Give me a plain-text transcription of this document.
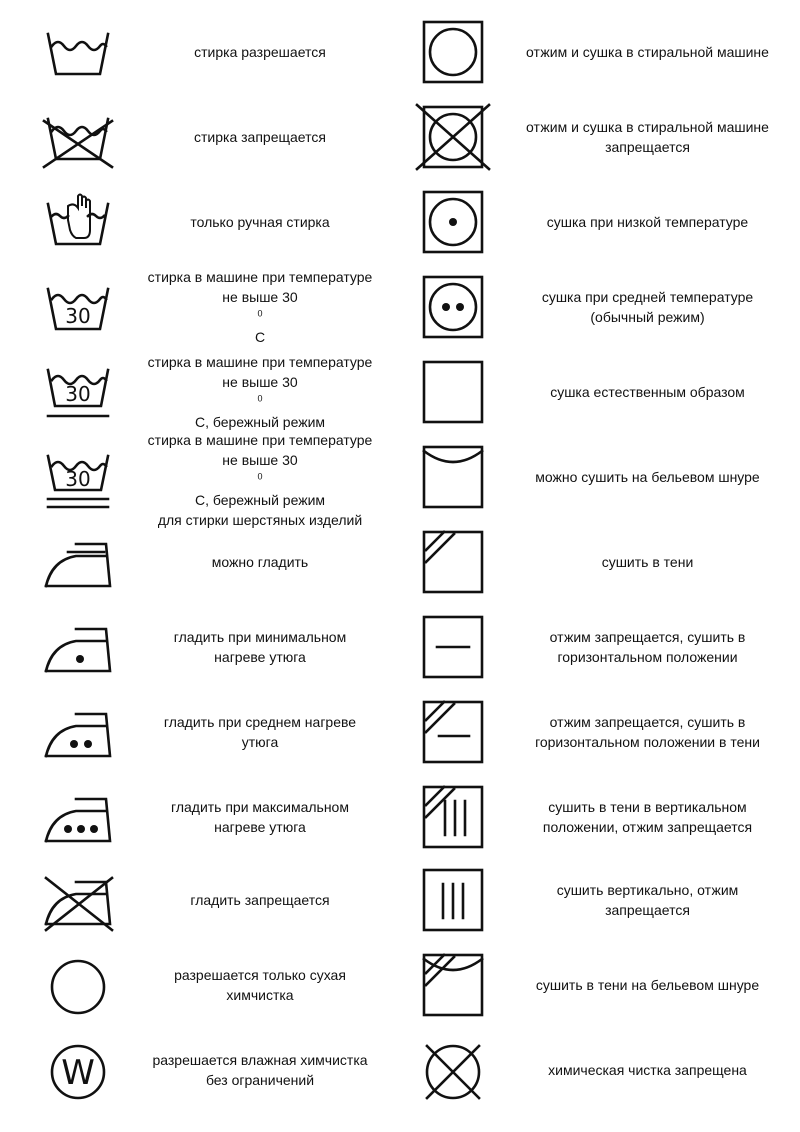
стирка разрешается
стирка запрещается
только ручная стирка
30
стирка в машине при температуре
не выше 30
$^0$
С
30
стирка в машине при температуре
не выше 30
$^0$
С, бережный режим
30
стирка в машине при температуре
не выше 30
$^0$
С, бережный режим
для стирки шерстяных изделий
можно гладить
гладить при минимальном
нагреве утюга
гладить при среднем нагреве
утюга
гладить при максимальном
нагреве утюга
гладить запрещается
разрешается только сухая
химчистка
W	разрешается влажная химчистка
без ограничений
отжим и сушка в стиральной машине
отжим и сушка в стиральной машине
запрещается
сушка при низкой температуре
сушка при средней температуре
(обычный режим)
сушка естественным образом
можно сушить на бельевом шнуре
сушить в тени
отжим запрещается, сушить в
горизонтальном положении
отжим запрещается, сушить в
горизонтальном положении в тени
сушить в тени в вертикальном
положении, отжим запрещается
сушить вертикально, отжим
запрещается
сушить в тени на бельевом шнуре
химическая чистка запрещена
